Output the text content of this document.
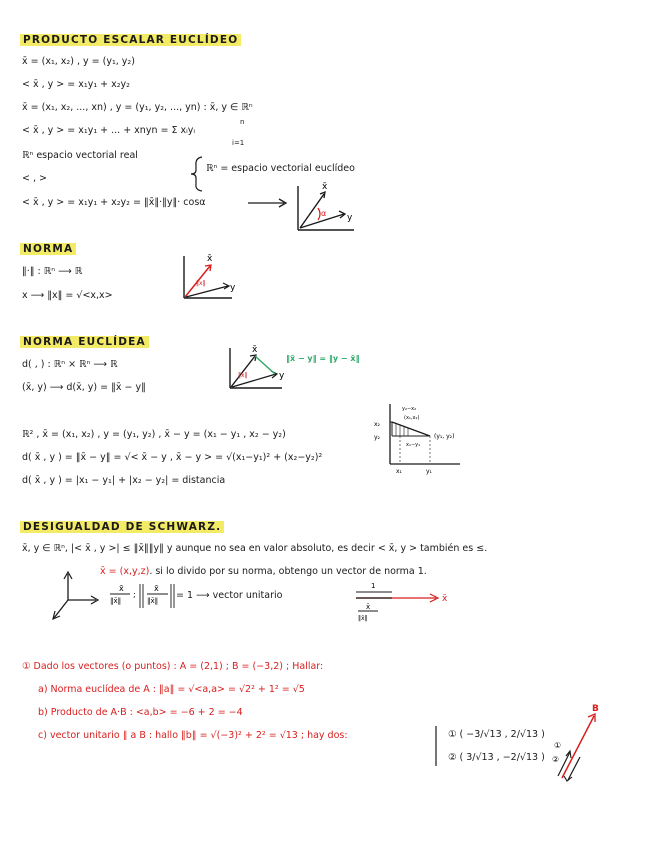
PRODUCTO ESCALAR EUCLÍDEO
x̄ = (x₁, x₂) , y = (y₁, y₂)
< x̄ , y > = x₁y₁ + x₂y₂
x̄ = (x₁, x₂, ..., xn) , y = (y₁, y₂, ..., yn) : x̄, y ∈ ℝⁿ
< x̄ , y > = x₁y₁ + ... + xnyn = Σ xᵢyᵢ
n
i=1
ℝⁿ espacio vectorial real
< , >
ℝⁿ = espacio vectorial euclídeo
< x̄ , y > = x₁y₁ + x₂y₂ = ‖x̄‖·‖y‖· cosα
x̄
y
α
NORMA
‖·‖ : ℝⁿ ⟶ ℝ
x ⟶ ‖x‖ = √<x,x>
x̄
y
‖x‖
NORMA EUCLÍDEA
d( , ) : ℝⁿ × ℝⁿ ⟶ ℝ
(x̄, y) ⟶ d(x̄, y) = ‖x̄ − y‖
x̄
y
‖x‖
‖x̄ − y‖ = ‖y − x̄‖
ℝ² , x̄ = (x₁, x₂) , y = (y₁, y₂) , x̄ − y = (x₁ − y₁ , x₂ − y₂)
d( x̄ , y ) = ‖x̄ − y‖ = √< x̄ − y , x̄ − y > = √(x₁−y₁)² + (x₂−y₂)²
d( x̄ , y ) = |x₁ − y₁| + |x₂ − y₂| = distancia
x₂
y₂
x₁	y₁
(x₁,x₂)
(y₁, y₂)
y₂−x₂
x₁−y₁
DESIGUALDAD DE SCHWARZ.
x̄, y ∈ ℝⁿ, |< x̄ , y >| ≤ ‖x̄‖‖y‖ y aunque no sea en valor absoluto, es decir < x̄, y > también es ≤.
x̄ = (x,y,z). si lo divido por su norma, obtengo un vector de norma 1.
x̄
‖x̄‖
;
x̄
‖x̄‖ = 1 ⟶ vector unitario
1
x̄
x̄
‖x̄‖
① Dado los vectores (o puntos) : A = (2,1) ; B = (−3,2) ; Hallar:
a) Norma euclídea de A : ‖a‖ = √<a,a> = √2² + 1² = √5
b) Producto de A·B : <a,b> = −6 + 2 = −4
c) vector unitario ∥ a B : hallo ‖b‖ = √(−3)² + 2² = √13 ; hay dos:	① ( −3/√13 , 2/√13 )
② ( 3/√13 , −2/√13 )
B
①
②
